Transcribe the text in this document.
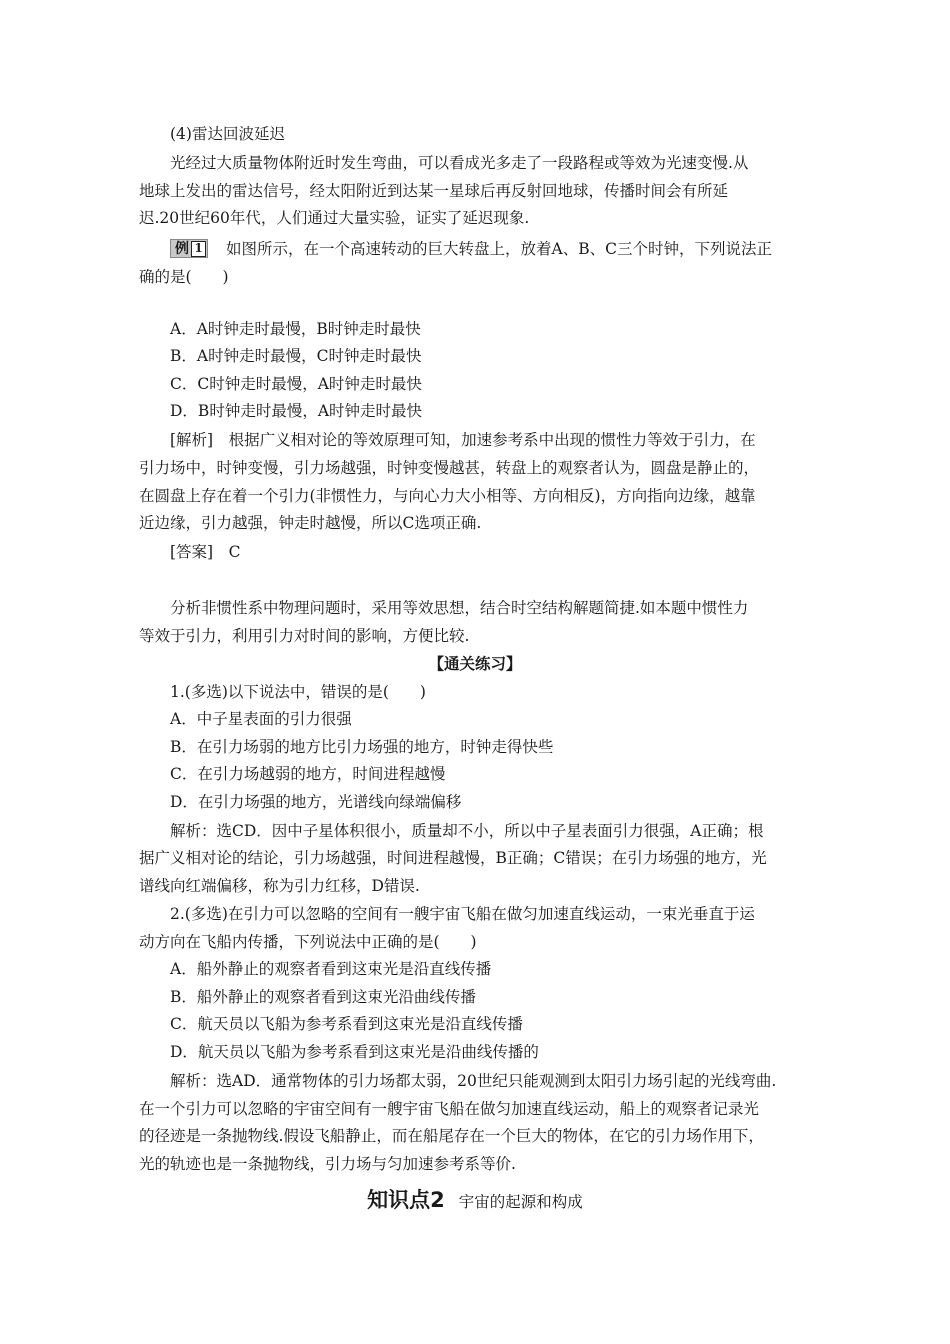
(4)雷达回波延迟
光经过大质量物体附近时发生弯曲，可以看成光多走了一段路程或等效为光速变慢.从
地球上发出的雷达信号，经太阳附近到达某一星球后再反射回地球，传播时间会有所延
迟.20世纪60年代，人们通过大量实验，证实了延迟现象.
例 1	如图所示，在一个高速转动的巨大转盘上，放着A、B、C三个时钟，下列说法正
确的是(　　)
A．A时钟走时最慢，B时钟走时最快
B．A时钟走时最慢，C时钟走时最快
C．C时钟走时最慢，A时钟走时最快
D．B时钟走时最慢，A时钟走时最快
[解析]　根据广义相对论的等效原理可知，加速参考系中出现的惯性力等效于引力，在
引力场中，时钟变慢，引力场越强，时钟变慢越甚，转盘上的观察者认为，圆盘是静止的，
在圆盘上存在着一个引力(非惯性力，与向心力大小相等、方向相反)，方向指向边缘，越靠
近边缘，引力越强，钟走时越慢，所以C选项正确.
[答案]　C
分析非惯性系中物理问题时，采用等效思想，结合时空结构解题简捷.如本题中惯性力
等效于引力，利用引力对时间的影响，方便比较.
【通关练习】
1.(多选)以下说法中，错误的是(　　)
A．中子星表面的引力很强
B．在引力场弱的地方比引力场强的地方，时钟走得快些
C．在引力场越弱的地方，时间进程越慢
D．在引力场强的地方，光谱线向绿端偏移
解析：选CD．因中子星体积很小，质量却不小，所以中子星表面引力很强，A正确；根
据广义相对论的结论，引力场越强，时间进程越慢，B正确；C错误；在引力场强的地方，光
谱线向红端偏移，称为引力红移，D错误.
2.(多选)在引力可以忽略的空间有一艘宇宙飞船在做匀加速直线运动，一束光垂直于运
动方向在飞船内传播，下列说法中正确的是(　　)
A．船外静止的观察者看到这束光是沿直线传播
B．船外静止的观察者看到这束光沿曲线传播
C．航天员以飞船为参考系看到这束光是沿直线传播
D．航天员以飞船为参考系看到这束光是沿曲线传播的
解析：选AD．通常物体的引力场都太弱，20世纪只能观测到太阳引力场引起的光线弯曲.
在一个引力可以忽略的宇宙空间有一艘宇宙飞船在做匀加速直线运动，船上的观察者记录光
的径迹是一条抛物线.假设飞船静止，而在船尾存在一个巨大的物体，在它的引力场作用下，
光的轨迹也是一条抛物线，引力场与匀加速参考系等价.
知识点2 宇宙的起源和构成
